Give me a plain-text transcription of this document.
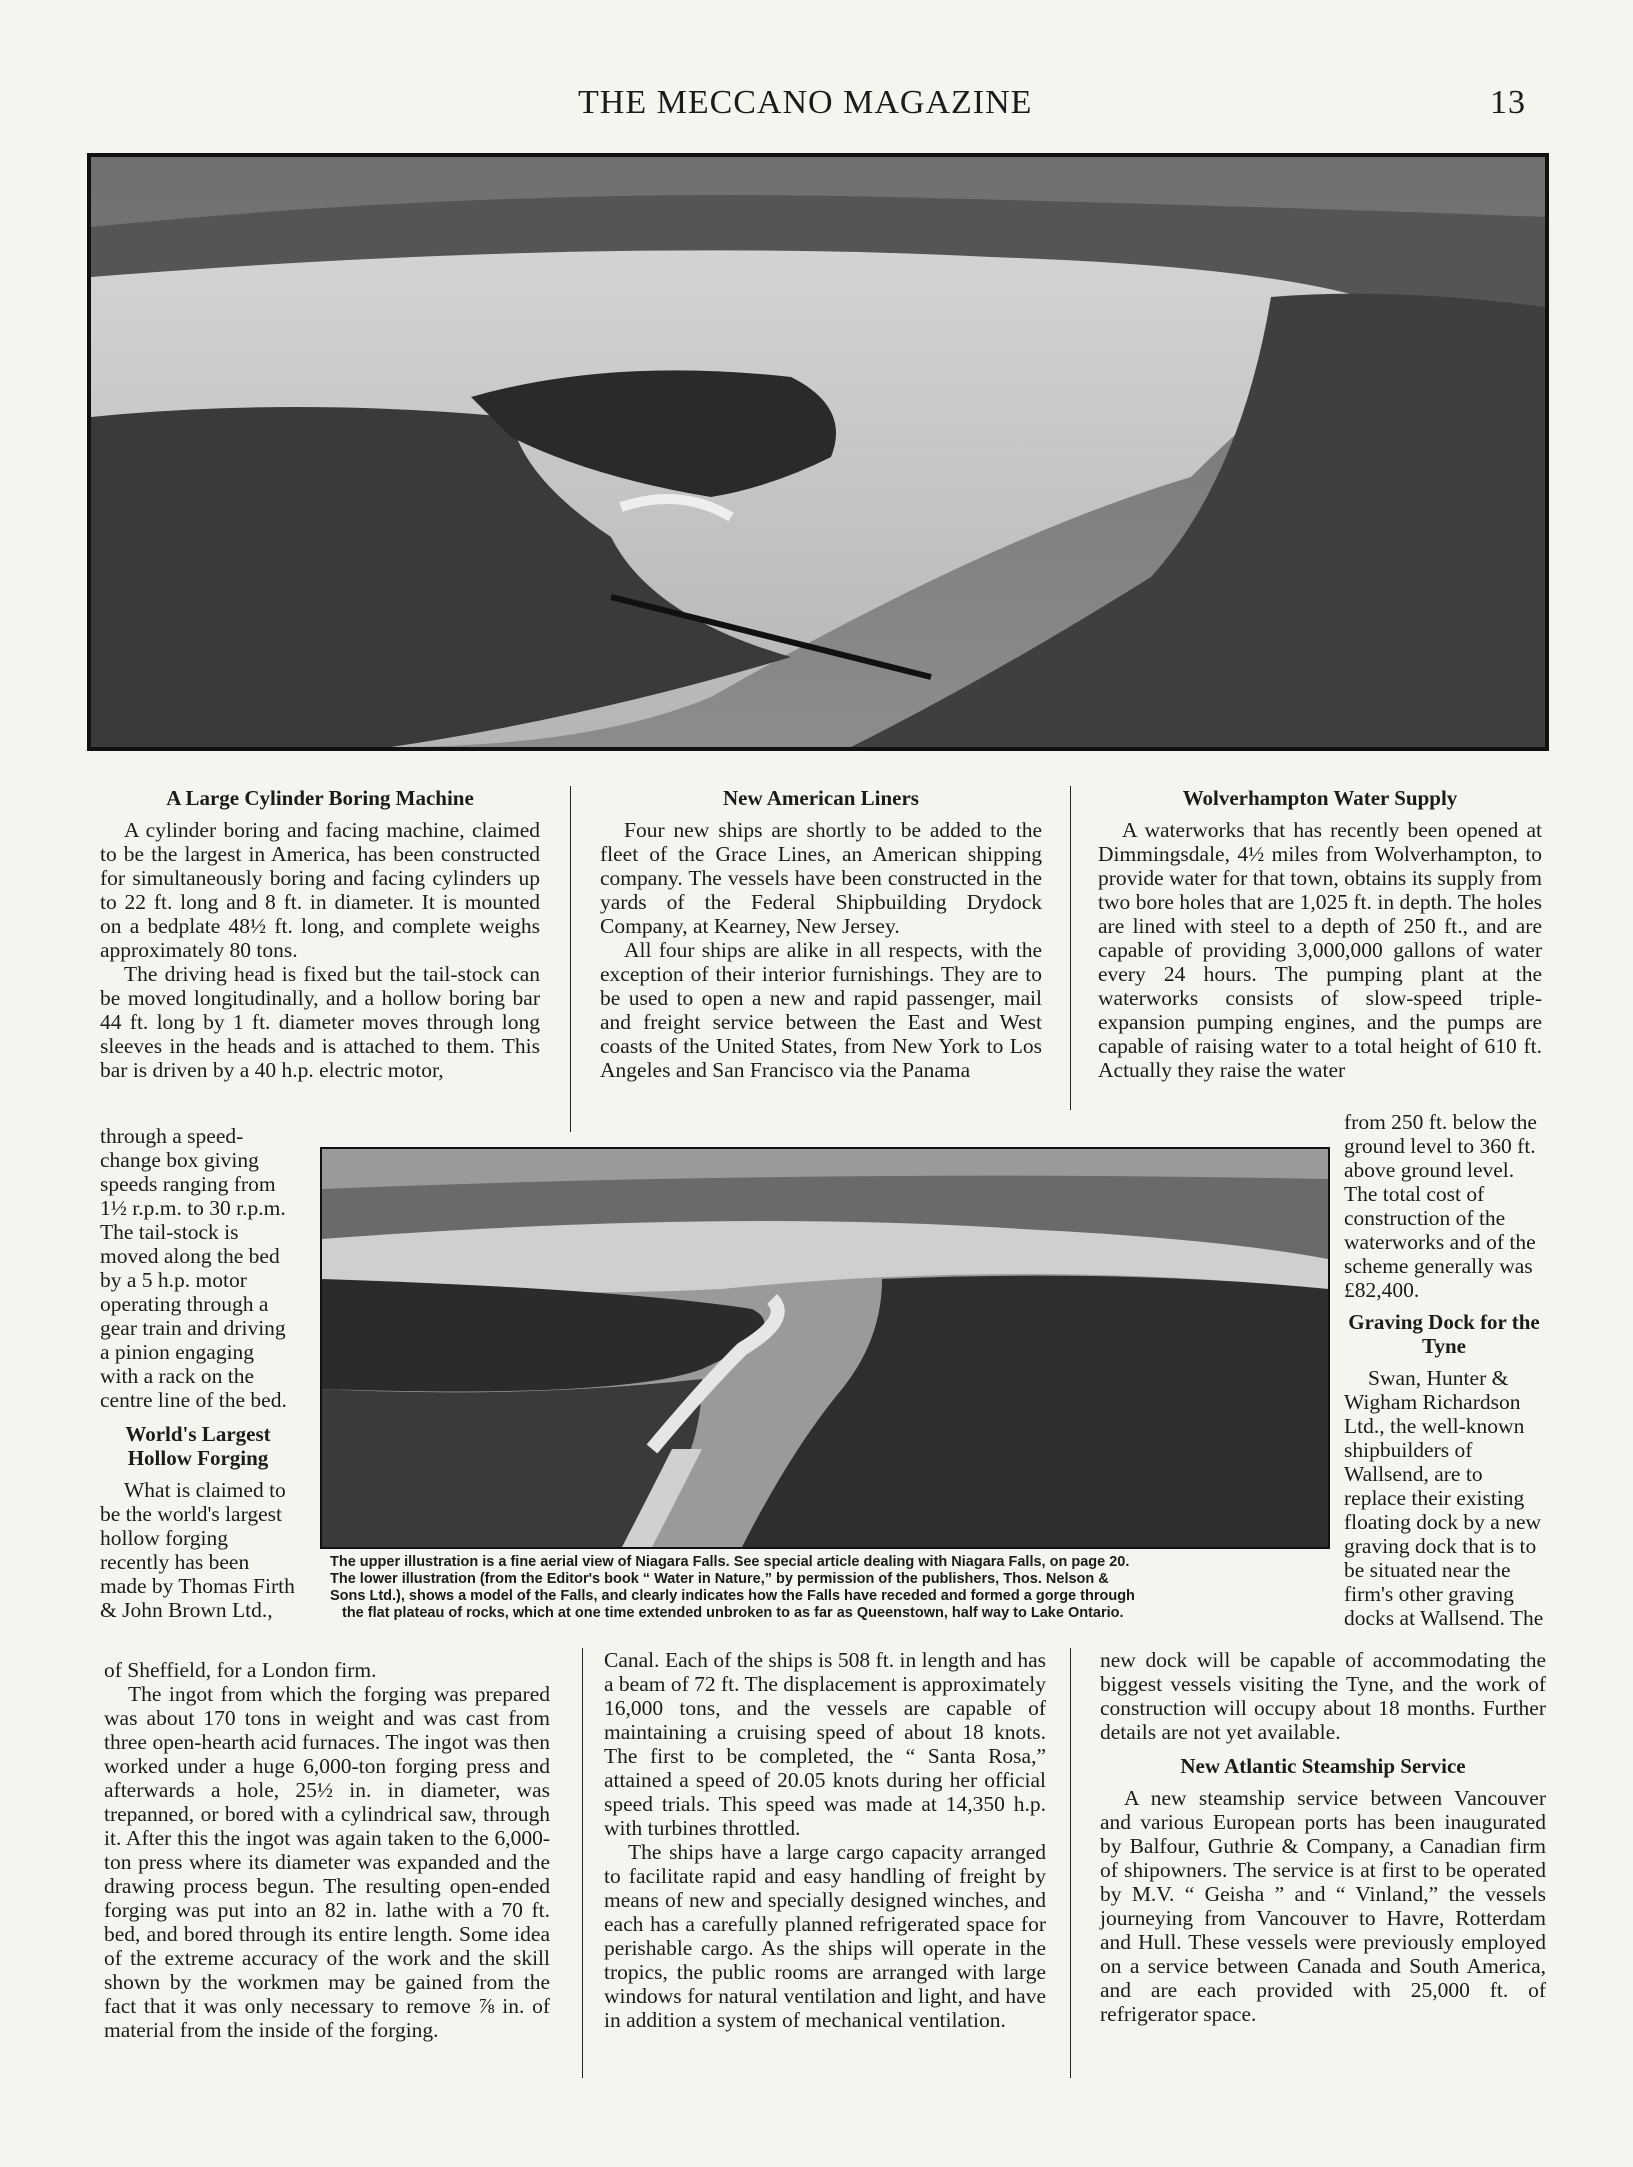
THE MECCANO MAGAZINE	13
A Large Cylinder Boring Machine

A cylinder boring and facing machine, claimed to be the largest in America, has been constructed for simultaneously boring and facing cylinders up to 22 ft. long and 8 ft. in diameter. It is mounted on a bedplate 48½ ft. long, and complete weighs approximately 80 tons.

The driving head is fixed but the tail-stock can be moved longitudinally, and a hollow boring bar 44 ft. long by 1 ft. diameter moves through long sleeves in the heads and is attached to them. This bar is driven by a 40 h.p. electric motor,

through a speed-change box giving speeds ranging from 1½ r.p.m. to 30 r.p.m. The tail-stock is moved along the bed by a 5 h.p. motor operating through a gear train and driving a pinion engaging with a rack on the centre line of the bed.

World's Largest Hollow Forging

What is claimed to be the world's largest hollow forging recently has been made by Thomas Firth & John Brown Ltd.,

of Sheffield, for a London firm.

The ingot from which the forging was prepared was about 170 tons in weight and was cast from three open-hearth acid furnaces. The ingot was then worked under a huge 6,000-ton forging press and afterwards a hole, 25½ in. in diameter, was trepanned, or bored with a cylindrical saw, through it. After this the ingot was again taken to the 6,000-ton press where its diameter was expanded and the drawing process begun. The resulting open-ended forging was put into an 82 in. lathe with a 70 ft. bed, and bored through its entire length. Some idea of the extreme accuracy of the work and the skill shown by the workmen may be gained from the fact that it was only necessary to remove ⅞ in. of material from the inside of the forging.

New American Liners

Four new ships are shortly to be added to the fleet of the Grace Lines, an American shipping company. The vessels have been constructed in the yards of the Federal Shipbuilding Drydock Company, at Kearney, New Jersey.

All four ships are alike in all respects, with the exception of their interior furnishings. They are to be used to open a new and rapid passenger, mail and freight service between the East and West coasts of the United States, from New York to Los Angeles and San Francisco via the Panama

Canal. Each of the ships is 508 ft. in length and has a beam of 72 ft. The displacement is approximately 16,000 tons, and the vessels are capable of maintaining a cruising speed of about 18 knots. The first to be completed, the “ Santa Rosa,” attained a speed of 20.05 knots during her official speed trials. This speed was made at 14,350 h.p. with turbines throttled.

The ships have a large cargo capacity arranged to facilitate rapid and easy handling of freight by means of new and specially designed winches, and each has a carefully planned refrigerated space for perishable cargo. As the ships will operate in the tropics, the public rooms are arranged with large windows for natural ventilation and light, and have in addition a system of mechanical ventilation.

Wolverhampton Water Supply

A waterworks that has recently been opened at Dimmingsdale, 4½ miles from Wolverhampton, to provide water for that town, obtains its supply from two bore holes that are 1,025 ft. in depth. The holes are lined with steel to a depth of 250 ft., and are capable of providing 3,000,000 gallons of water every 24 hours. The pumping plant at the waterworks consists of slow-speed triple-expansion pumping engines, and the pumps are capable of raising water to a total height of 610 ft. Actually they raise the water

from 250 ft. below the ground level to 360 ft. above ground level. The total cost of construction of the waterworks and of the scheme generally was £82,400.

Graving Dock for the Tyne

Swan, Hunter & Wigham Richardson Ltd., the well-known shipbuilders of Wallsend, are to replace their existing floating dock by a new graving dock that is to be situated near the firm's other graving docks at Wallsend. The

new dock will be capable of accommodating the biggest vessels visiting the Tyne, and the work of construction will occupy about 18 months. Further details are not yet available.

New Atlantic Steamship Service

A new steamship service between Vancouver and various European ports has been inaugurated by Balfour, Guthrie & Company, a Canadian firm of shipowners. The service is at first to be operated by M.V. “ Geisha ” and “ Vinland,” the vessels journeying from Vancouver to Havre, Rotterdam and Hull. These vessels were previously employed on a service between Canada and South America, and are each provided with 25,000 ft. of refrigerator space.

The upper illustration is a fine aerial view of Niagara Falls. See special article dealing with Niagara Falls, on page 20.
The lower illustration (from the Editor's book “ Water in Nature,” by permission of the publishers, Thos. Nelson &
Sons Ltd.), shows a model of the Falls, and clearly indicates how the Falls have receded and formed a gorge through
the flat plateau of rocks, which at one time extended unbroken to as far as Queenstown, half way to Lake Ontario.
